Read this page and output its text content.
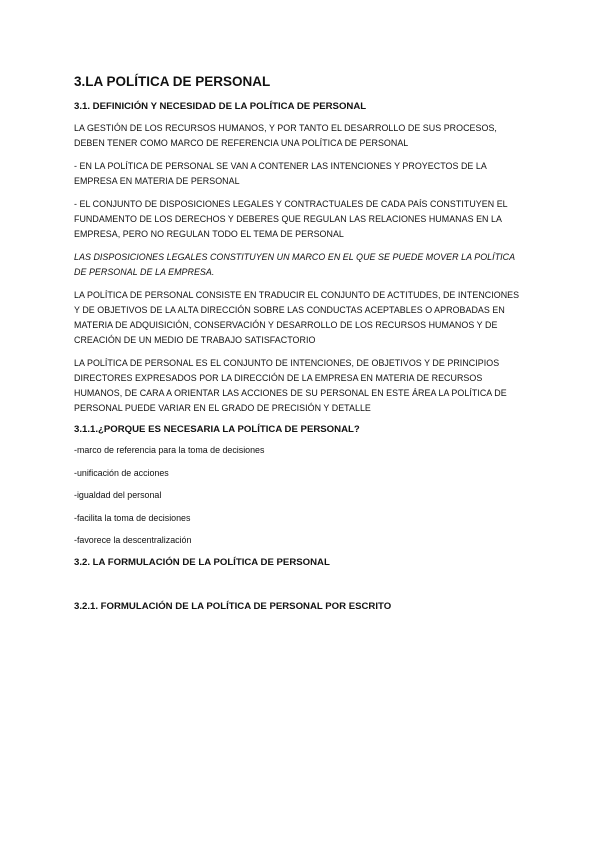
3.LA POLÍTICA DE PERSONAL
3.1. DEFINICIÓN Y NECESIDAD DE LA POLÍTICA DE PERSONAL

LA GESTIÓN DE LOS RECURSOS HUMANOS, Y POR TANTO EL DESARROLLO DE SUS PROCESOS, DEBEN TENER COMO MARCO DE REFERENCIA UNA POLÍTICA DE PERSONAL

- EN LA POLÍTICA DE PERSONAL SE VAN A CONTENER LAS INTENCIONES Y PROYECTOS DE LA EMPRESA EN MATERIA DE PERSONAL

- EL CONJUNTO DE DISPOSICIONES LEGALES Y CONTRACTUALES DE CADA PAÍS CONSTITUYEN EL FUNDAMENTO DE LOS DERECHOS Y DEBERES QUE REGULAN LAS RELACIONES HUMANAS EN LA EMPRESA, PERO NO REGULAN TODO EL TEMA DE PERSONAL

LAS DISPOSICIONES LEGALES CONSTITUYEN UN MARCO EN EL QUE SE PUEDE MOVER LA POLÍTICA DE PERSONAL DE LA EMPRESA.

LA POLÍTICA DE PERSONAL CONSISTE EN TRADUCIR EL CONJUNTO DE ACTITUDES, DE INTENCIONES Y DE OBJETIVOS DE LA ALTA DIRECCIÓN SOBRE LAS CONDUCTAS ACEPTABLES O APROBADAS EN MATERIA DE ADQUISICIÓN, CONSERVACIÓN Y DESARROLLO DE LOS RECURSOS HUMANOS Y DE CREACIÓN DE UN MEDIO DE TRABAJO SATISFACTORIO

LA POLÍTICA DE PERSONAL ES EL CONJUNTO DE INTENCIONES, DE OBJETIVOS Y DE PRINCIPIOS DIRECTORES EXPRESADOS POR LA DIRECCIÓN DE LA EMPRESA EN MATERIA DE RECURSOS HUMANOS, DE CARA A ORIENTAR LAS ACCIONES DE SU PERSONAL EN ESTE ÁREA LA POLÍTICA DE PERSONAL PUEDE VARIAR EN EL GRADO DE PRECISIÓN Y DETALLE

3.1.1.¿PORQUE ES NECESARIA LA POLÍTICA DE PERSONAL?
-marco de referencia para la toma de decisiones
-unificación de acciones
-igualdad del personal
-facilita la toma de decisiones
-favorece la descentralización
3.2. LA FORMULACIÓN DE LA POLÍTICA DE PERSONAL
3.2.1. FORMULACIÓN DE LA POLÍTICA DE PERSONAL POR ESCRITO
